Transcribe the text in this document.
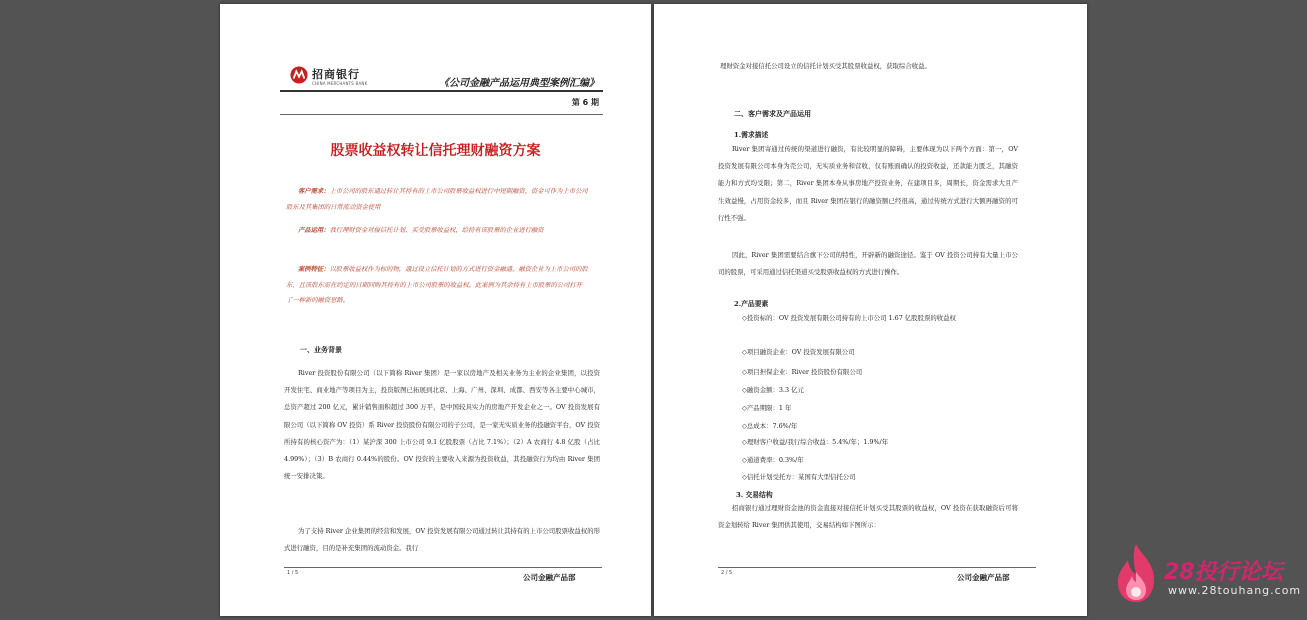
招商银行
CHINA MERCHANTS BANK	《公司金融产品运用典型案例汇编》
第 6 期
股票收益权转让信托理财融资方案

客户需求：上市公司的股东通过转让其持有的上市公司股票收益权进行中短期融资，资金可作为上市公司股东及其集团的日常流动资金使用

产品运用：我行理财资金对接信托计划、买受股票收益权，给持有该股票的企业进行融资

案例特征：以股票收益权作为标的物，通过设立信托计划的方式进行资金融通。融资企业为上市公司的股东，且该股东需在约定的日期回购其持有的上市公司股票的收益权。此案例为其余持有上市股票的公司打开了一种新的融资思路。

一、业务背景

River 投资股份有限公司（以下简称 River 集团）是一家以房地产及相关业务为主业的企业集团，以投资开发住宅、商业地产等项目为主，投资版图已拓展到北京、上海、广州、深圳、成都、西安等各主要中心城市，总资产超过 200 亿元，累计销售面积超过 300 万平，是中国较具实力的房地产开发企业之一。OV 投资发展有限公司（以下简称 OV 投资）系 River 投资股份有限公司的子公司，是一家无实质业务的投融资平台，OV 投资所持有的核心资产为：（1）某沪深 300 上市公司 9.1 亿股股票（占比 7.1%）；（2）A 农商行 4.8 亿股（占比 4.99%）；（3）B 农商行 0.44%的股份。OV 投资的主要收入来源为投资收益，其投融资行为均由 River 集团统一安排决策。

为了支持 River 企业集团的经营和发展，OV 投资发展有限公司通过转让其持有的上市公司股票收益权的形式进行融资，目的是补充集团的流动资金。我行

1 / 5	公司金融产品部
理财资金对接信托公司设立的信托计划买受其股票收益权，获取综合收益。
二、客户需求及产品运用
1.需求描述

River 集团寄通过传统的渠道进行融资，有比较明显的障碍，主要体现为以下两个方面：第一，OV 投资发展有限公司本身为壳公司，无实质业务和营收，仅有账面确认的投资收益，还款能力匮乏，其融资能力和方式均受限；第二，River 集团本身从事房地产投资业务，在建项目多，周期长，资金需求大且产生效益慢，占用资金较多，而且 River 集团在银行的融资额已经很高，通过传统方式进行大额再融资的可行性不强。

因此，River 集团需要结合旗下公司的特性，开辟新的融资途径。鉴于 OV 投资公司持有大量上市公司的股票，可采用通过信托渠道买受股票收益权的方式进行操作。

2.产品要素

◇投资标的：OV 投资发展有限公司持有的上市公司 1.67 亿股股票的收益权

◇项目融资企业：OV 投资发展有限公司
◇项目担保企业：River 投资股份有限公司
◇融资金额：3.3 亿元
◇产品期限：1 年
◇总成本：7.6%/年
◇理财客户收益/我行综合收益：5.4%/年；1.9%/年
◇通道费率：0.3%/年
◇信托计划受托方：某国有大型信托公司
3. 交易结构

招商银行通过理财资金池的资金直接对接信托计划买受其股票的收益权，OV 投资在获取融资后可将资金划转给 River 集团供其使用，交易结构如下图所示：

2 / 5	公司金融产品部	28投行论坛
www.28touhang.com
